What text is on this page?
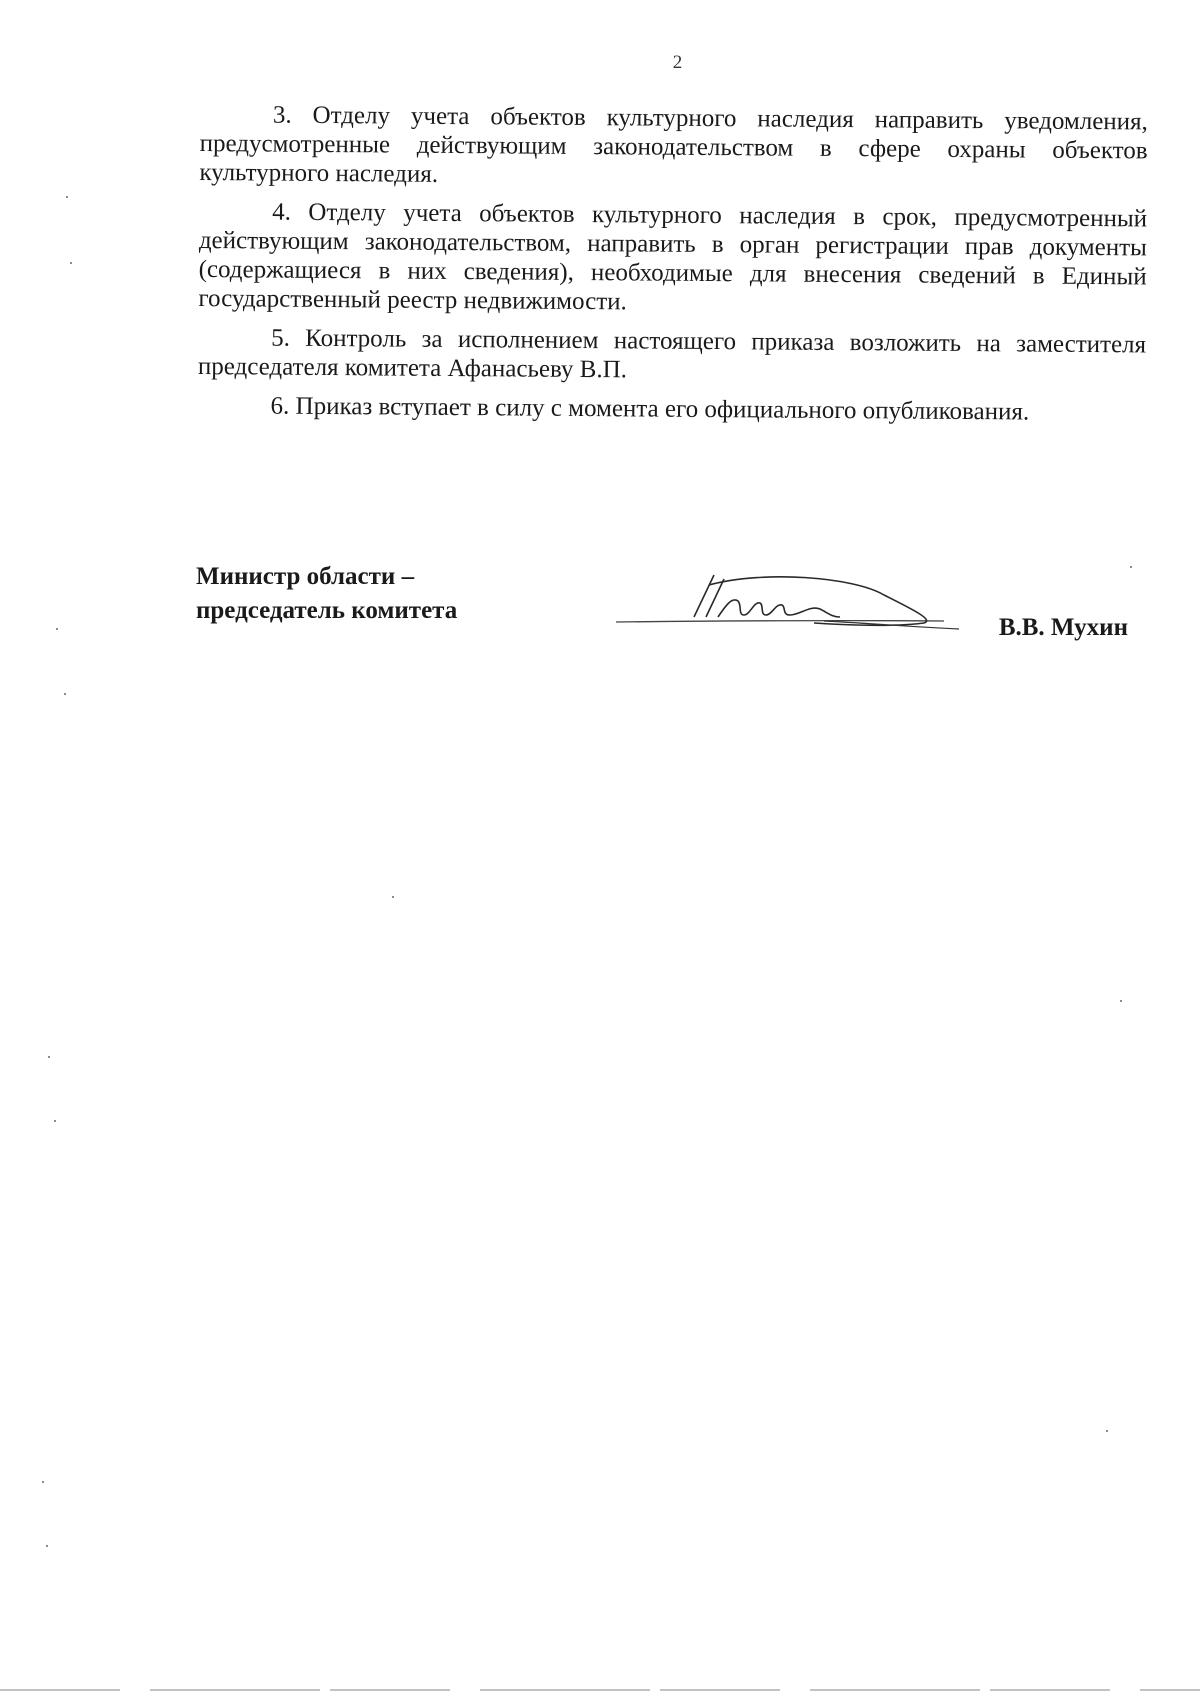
2

3. Отделу учета объектов культурного наследия направить уведомления, предусмотренные действующим законодательством в сфере охраны объектов культурного наследия.

4. Отделу учета объектов культурного наследия в срок, предусмотренный действующим законодательством, направить в орган регистрации прав документы (содержащиеся в них сведения), необходимые для внесения сведений в Единый государственный реестр недвижимости.

5. Контроль за исполнением настоящего приказа возложить на заместителя председателя комитета Афанасьеву В.П.

6. Приказ вступает в силу с момента его официального опубликования.

Министр области –
председатель комитета
В.В. Мухин
